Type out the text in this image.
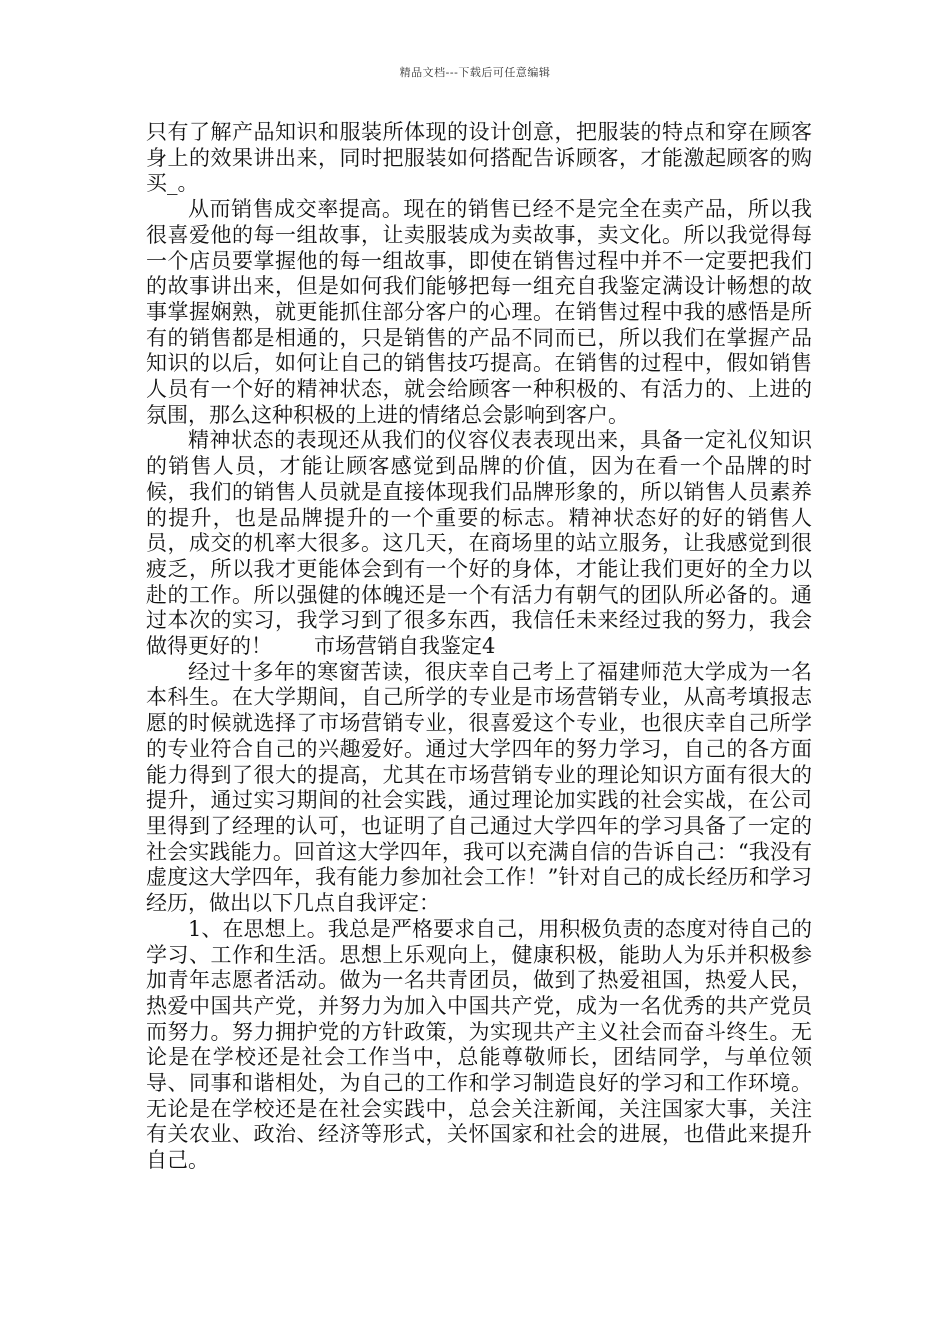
精品文档---下载后可任意编辑

只有了解产品知识和服装所体现的设计创意，把服装的特点和穿在顾客身上的效果讲出来，同时把服装如何搭配告诉顾客，才能激起顾客的购买_。

从而销售成交率提高。现在的销售已经不是完全在卖产品，所以我很喜爱他的每一组故事，让卖服装成为卖故事，卖文化。所以我觉得每一个店员要掌握他的每一组故事，即使在销售过程中并不一定要把我们的故事讲出来，但是如何我们能够把每一组充自我鉴定满设计畅想的故事掌握娴熟，就更能抓住部分客户的心理。在销售过程中我的感悟是所有的销售都是相通的，只是销售的产品不同而已，所以我们在掌握产品知识的以后，如何让自己的销售技巧提高。在销售的过程中，假如销售人员有一个好的精神状态，就会给顾客一种积极的、有活力的、上进的氛围，那么这种积极的上进的情绪总会影响到客户。

精神状态的表现还从我们的仪容仪表表现出来，具备一定礼仪知识的销售人员，才能让顾客感觉到品牌的价值，因为在看一个品牌的时候，我们的销售人员就是直接体现我们品牌形象的，所以销售人员素养的提升，也是品牌提升的一个重要的标志。精神状态好的好的销售人员，成交的机率大很多。这几天，在商场里的站立服务，让我感觉到很疲乏，所以我才更能体会到有一个好的身体，才能让我们更好的全力以赴的工作。所以强健的体魄还是一个有活力有朝气的团队所必备的。通过本次的实习，我学习到了很多东西，我信任未来经过我的努力，我会做得更好的！　　市场营销自我鉴定4

经过十多年的寒窗苦读，很庆幸自己考上了福建师范大学成为一名本科生。在大学期间，自己所学的专业是市场营销专业，从高考填报志愿的时候就选择了市场营销专业，很喜爱这个专业，也很庆幸自己所学的专业符合自己的兴趣爱好。通过大学四年的努力学习，自己的各方面能力得到了很大的提高，尤其在市场营销专业的理论知识方面有很大的提升，通过实习期间的社会实践，通过理论加实践的社会实战，在公司里得到了经理的认可，也证明了自己通过大学四年的学习具备了一定的社会实践能力。回首这大学四年，我可以充满自信的告诉自己：“我没有虚度这大学四年，我有能力参加社会工作！”针对自己的成长经历和学习经历，做出以下几点自我评定：

1、在思想上。我总是严格要求自己，用积极负责的态度对待自己的学习、工作和生活。思想上乐观向上，健康积极，能助人为乐并积极参加青年志愿者活动。做为一名共青团员，做到了热爱祖国，热爱人民，热爱中国共产党，并努力为加入中国共产党，成为一名优秀的共产党员而努力。努力拥护党的方针政策，为实现共产主义社会而奋斗终生。无论是在学校还是社会工作当中，总能尊敬师长，团结同学，与单位领导、同事和谐相处，为自己的工作和学习制造良好的学习和工作环境。无论是在学校还是在社会实践中，总会关注新闻，关注国家大事，关注有关农业、政治、经济等形式，关怀国家和社会的进展，也借此来提升自己。
